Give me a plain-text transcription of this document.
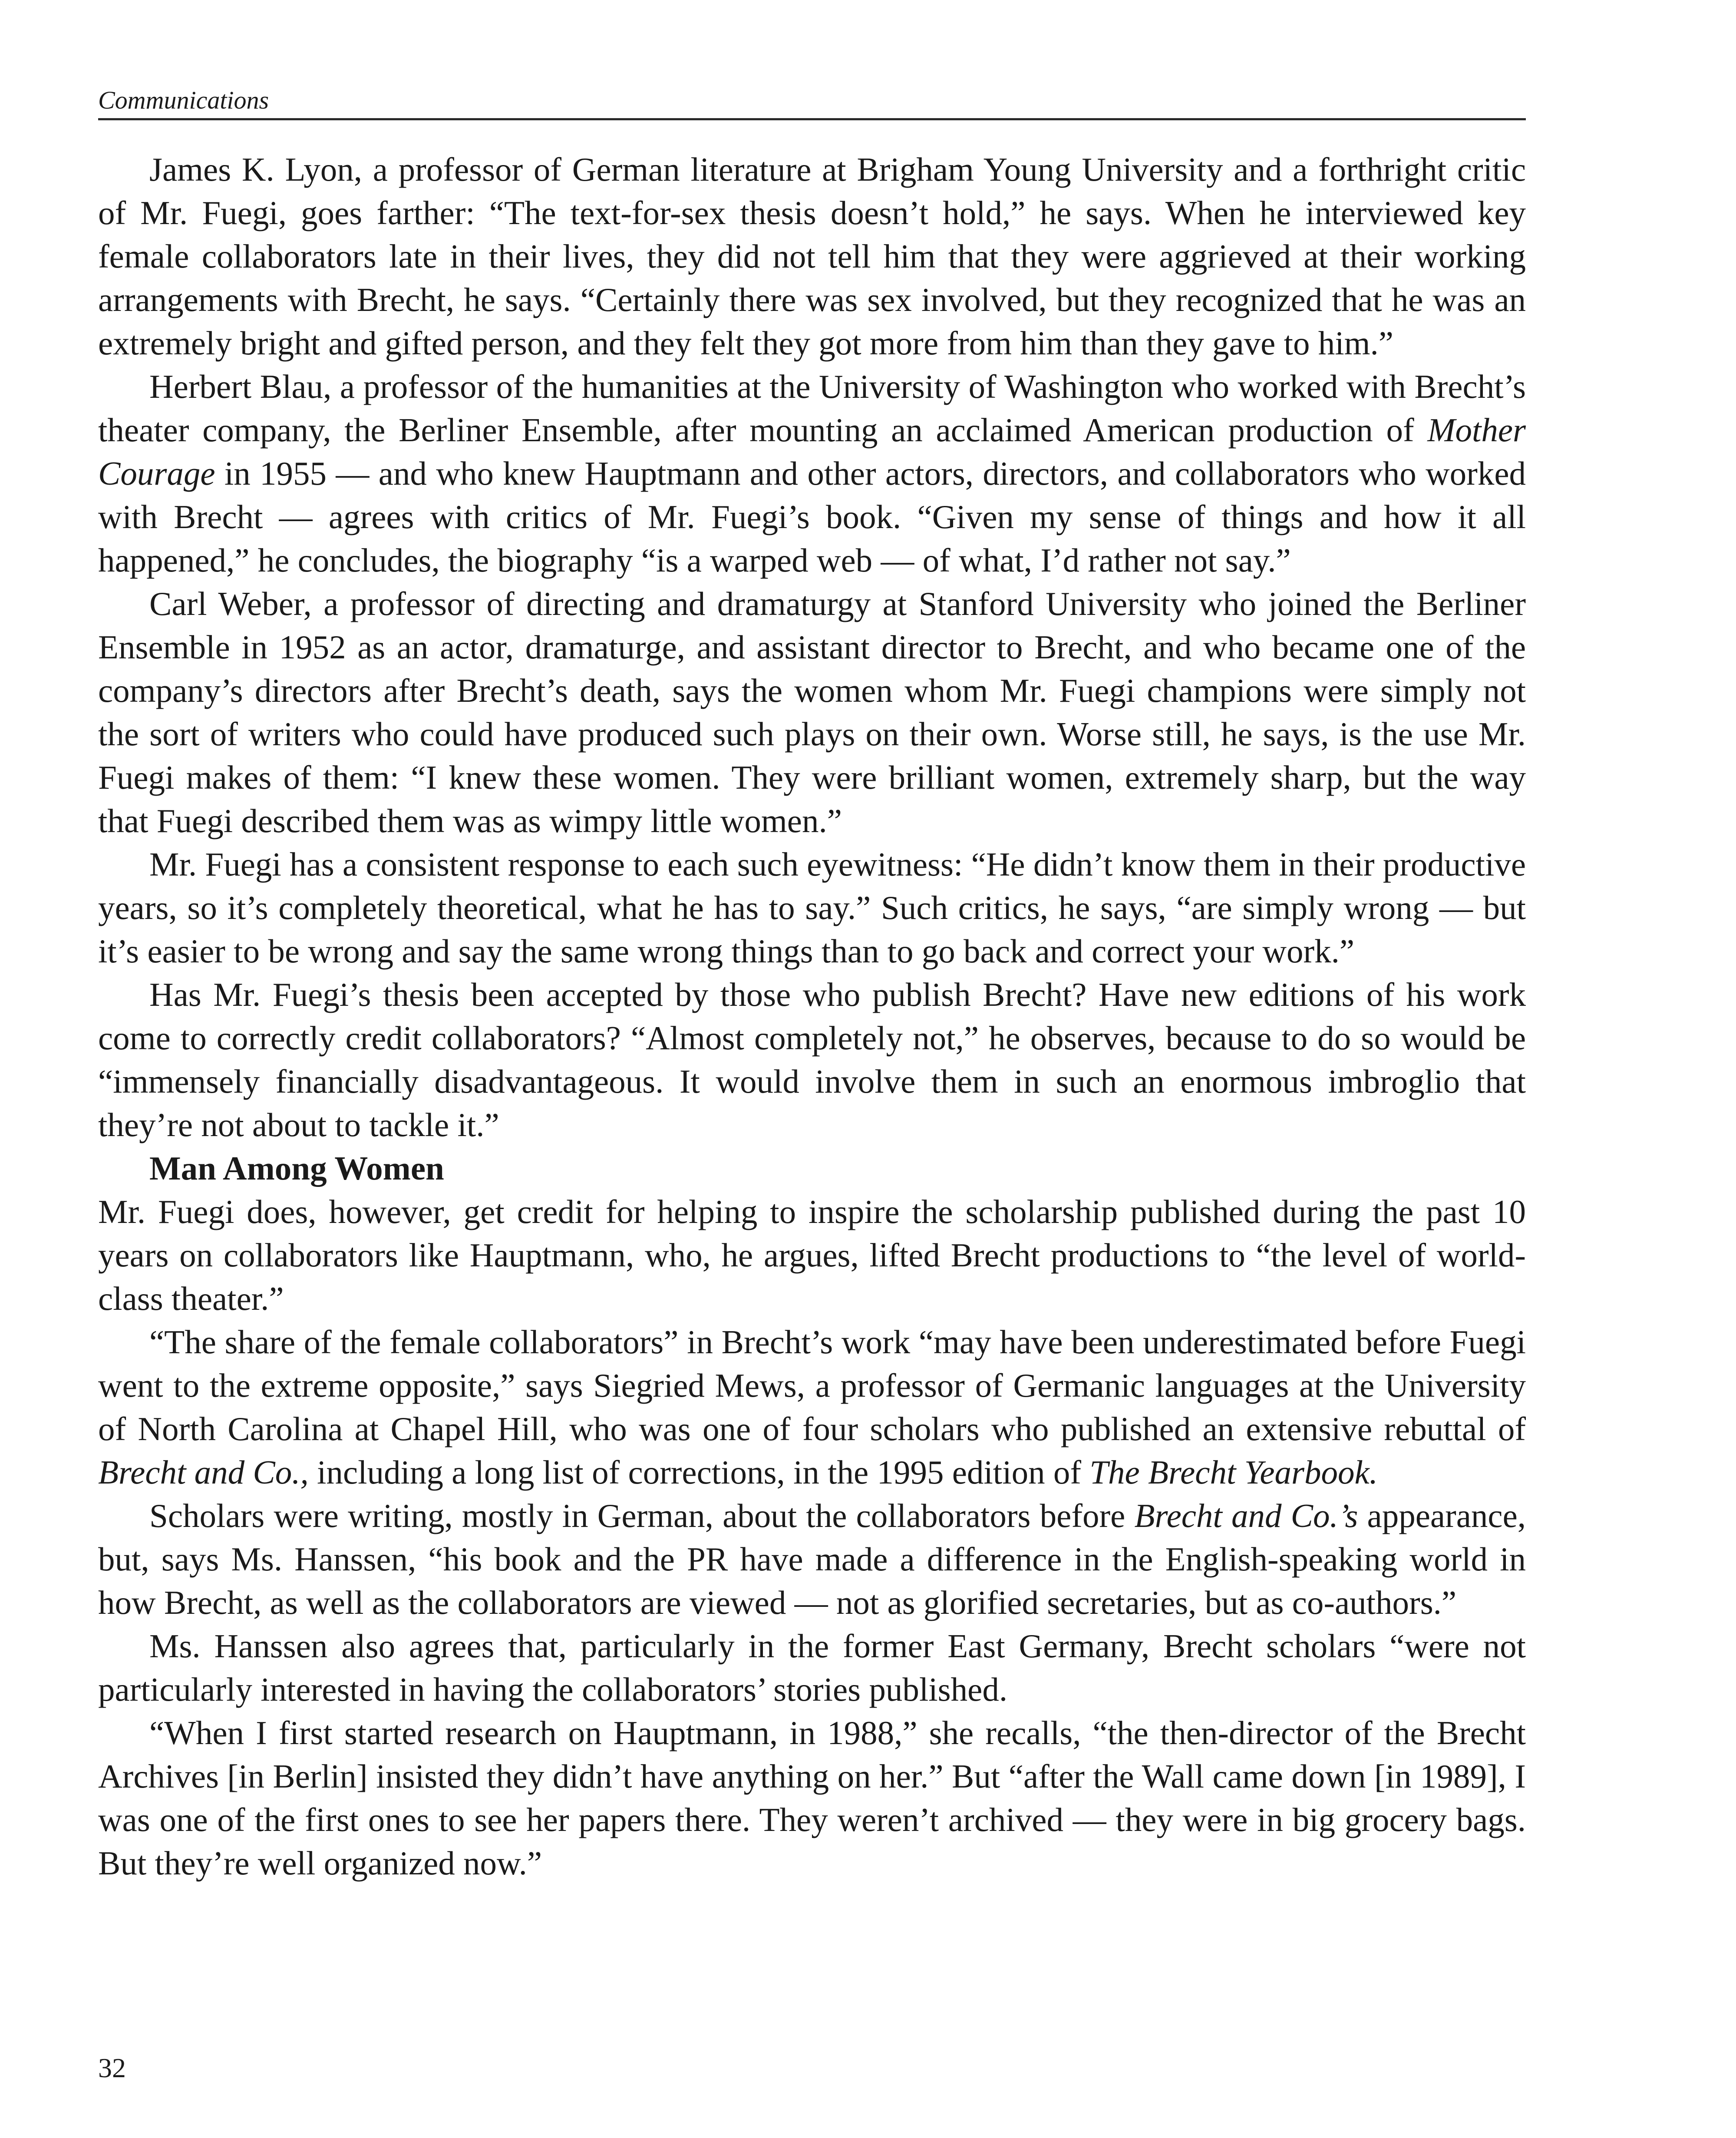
Communications

James K. Lyon, a professor of German literature at Brigham Young University and a forthright critic of Mr. Fuegi, goes farther: “The text-for-sex thesis doesn’t hold,” he says. When he interviewed key female collaborators late in their lives, they did not tell him that they were aggrieved at their working arrangements with Brecht, he says. “Certainly there was sex involved, but they recognized that he was an extremely bright and gifted person, and they felt they got more from him than they gave to him.”

Herbert Blau, a professor of the humanities at the University of Washington who worked with Brecht’s theater company, the Berliner Ensemble, after mounting an acclaimed American production of Mother Courage in 1955 — and who knew Hauptmann and other actors, directors, and collaborators who worked with Brecht — agrees with critics of Mr. Fuegi’s book. “Given my sense of things and how it all happened,” he concludes, the biography “is a warped web — of what, I’d rather not say.”

Carl Weber, a professor of directing and dramaturgy at Stanford University who joined the Berliner Ensemble in 1952 as an actor, dramaturge, and assistant director to Brecht, and who became one of the company’s directors after Brecht’s death, says the women whom Mr. Fuegi champions were simply not the sort of writers who could have produced such plays on their own. Worse still, he says, is the use Mr. Fuegi makes of them: “I knew these women. They were brilliant women, extremely sharp, but the way that Fuegi described them was as wimpy little women.”

Mr. Fuegi has a consistent response to each such eyewitness: “He didn’t know them in their productive years, so it’s completely theoretical, what he has to say.” Such critics, he says, “are simply wrong — but it’s easier to be wrong and say the same wrong things than to go back and correct your work.”

Has Mr. Fuegi’s thesis been accepted by those who publish Brecht? Have new editions of his work come to correctly credit collaborators? “Almost completely not,” he observes, because to do so would be “immensely financially disadvantageous. It would involve them in such an enormous imbroglio that they’re not about to tackle it.”

Man Among Women

Mr. Fuegi does, however, get credit for helping to inspire the scholarship published during the past 10 years on collaborators like Hauptmann, who, he argues, lifted Brecht productions to “the level of world-class theater.”

“The share of the female collaborators” in Brecht’s work “may have been underestimated before Fuegi went to the extreme opposite,” says Siegried Mews, a professor of Germanic languages at the University of North Carolina at Chapel Hill, who was one of four scholars who published an extensive rebuttal of Brecht and Co., including a long list of corrections, in the 1995 edition of The Brecht Yearbook.

Scholars were writing, mostly in German, about the collaborators before Brecht and Co.’s appearance, but, says Ms. Hanssen, “his book and the PR have made a difference in the English-speaking world in how Brecht, as well as the collaborators are viewed — not as glorified secretaries, but as co-authors.”

Ms. Hanssen also agrees that, particularly in the former East Germany, Brecht scholars “were not particularly interested in having the collaborators’ stories published.

“When I first started research on Hauptmann, in 1988,” she recalls, “the then-director of the Brecht Archives [in Berlin] insisted they didn’t have anything on her.” But “after the Wall came down [in 1989], I was one of the first ones to see her papers there. They weren’t archived — they were in big grocery bags. But they’re well organized now.”

32
